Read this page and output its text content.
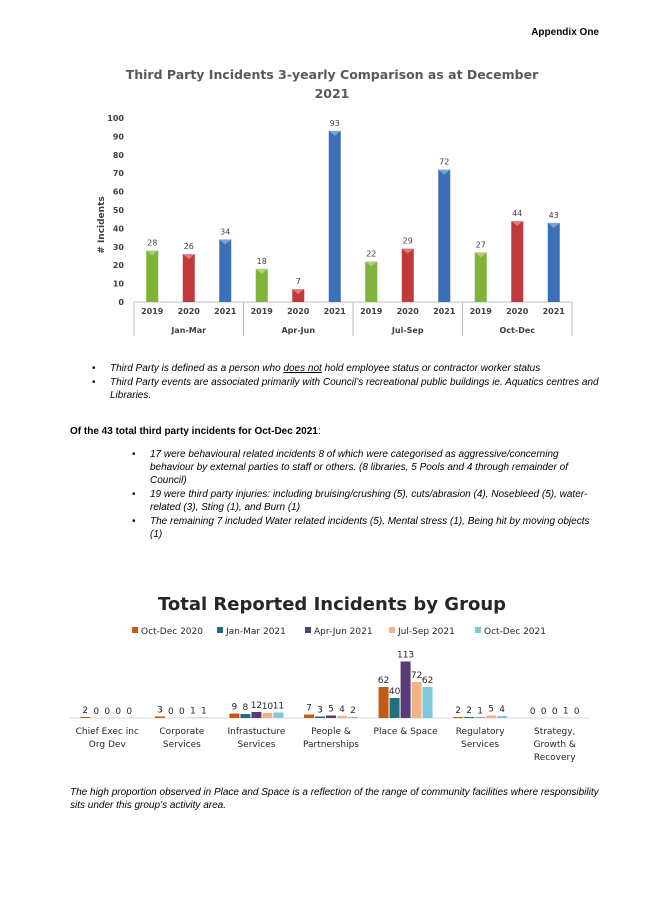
Appendix One
Third Party Incidents 3-yearly Comparison as at December
2021
# Incidents
0
10
20
30
40
50
60
70
80
90
100
Jan-Mar
28
2019
26
2020
34
2021
Apr-Jun
18
2019
7
2020
93
2021
Jul-Sep
22
2019
29
2020
72
2021
Oct-Dec
27
2019
44
2020
43
2021
• Third Party is defined as a person who does not hold employee status or contractor worker status
• Third Party events are associated primarily with Council’s recreational public buildings ie. Aquatics centres and Libraries.
Of the 43 total third party incidents for Oct-Dec 2021:
• 17 were behavioural related incidents 8 of which were categorised as aggressive/concerning behaviour by external parties to staff or others. (8 libraries, 5 Pools and 4 through remainder of Council)
• 19 were third party injuries: including bruising/crushing (5), cuts/abrasion (4), Nosebleed (5), water-related (3), Sting (1), and Burn (1)
• The remaining 7 included Water related incidents (5), Mental stress (1), Being hit by moving objects (1)
Total Reported Incidents by Group
Oct-Dec 2020	Jan-Mar 2021	Apr-Jun 2021	Jul-Sep 2021	Oct-Dec 2021
2 0 0 0 0
Chief Exec inc
Org Dev
3 0 0 1 1
Corporate
Services
9 8 12 10 11
Infrastucture
Services
7 3 5 4 2
People &
Partnerships
62
40
113
72 62
Place & Space
2 2 1 5 4
Regulatory
Services
0 0 0 1 0
Strategy,
Growth &
Recovery
The high proportion observed in Place and Space is a reflection of the range of community facilities where responsibility sits under this group’s activity area.
